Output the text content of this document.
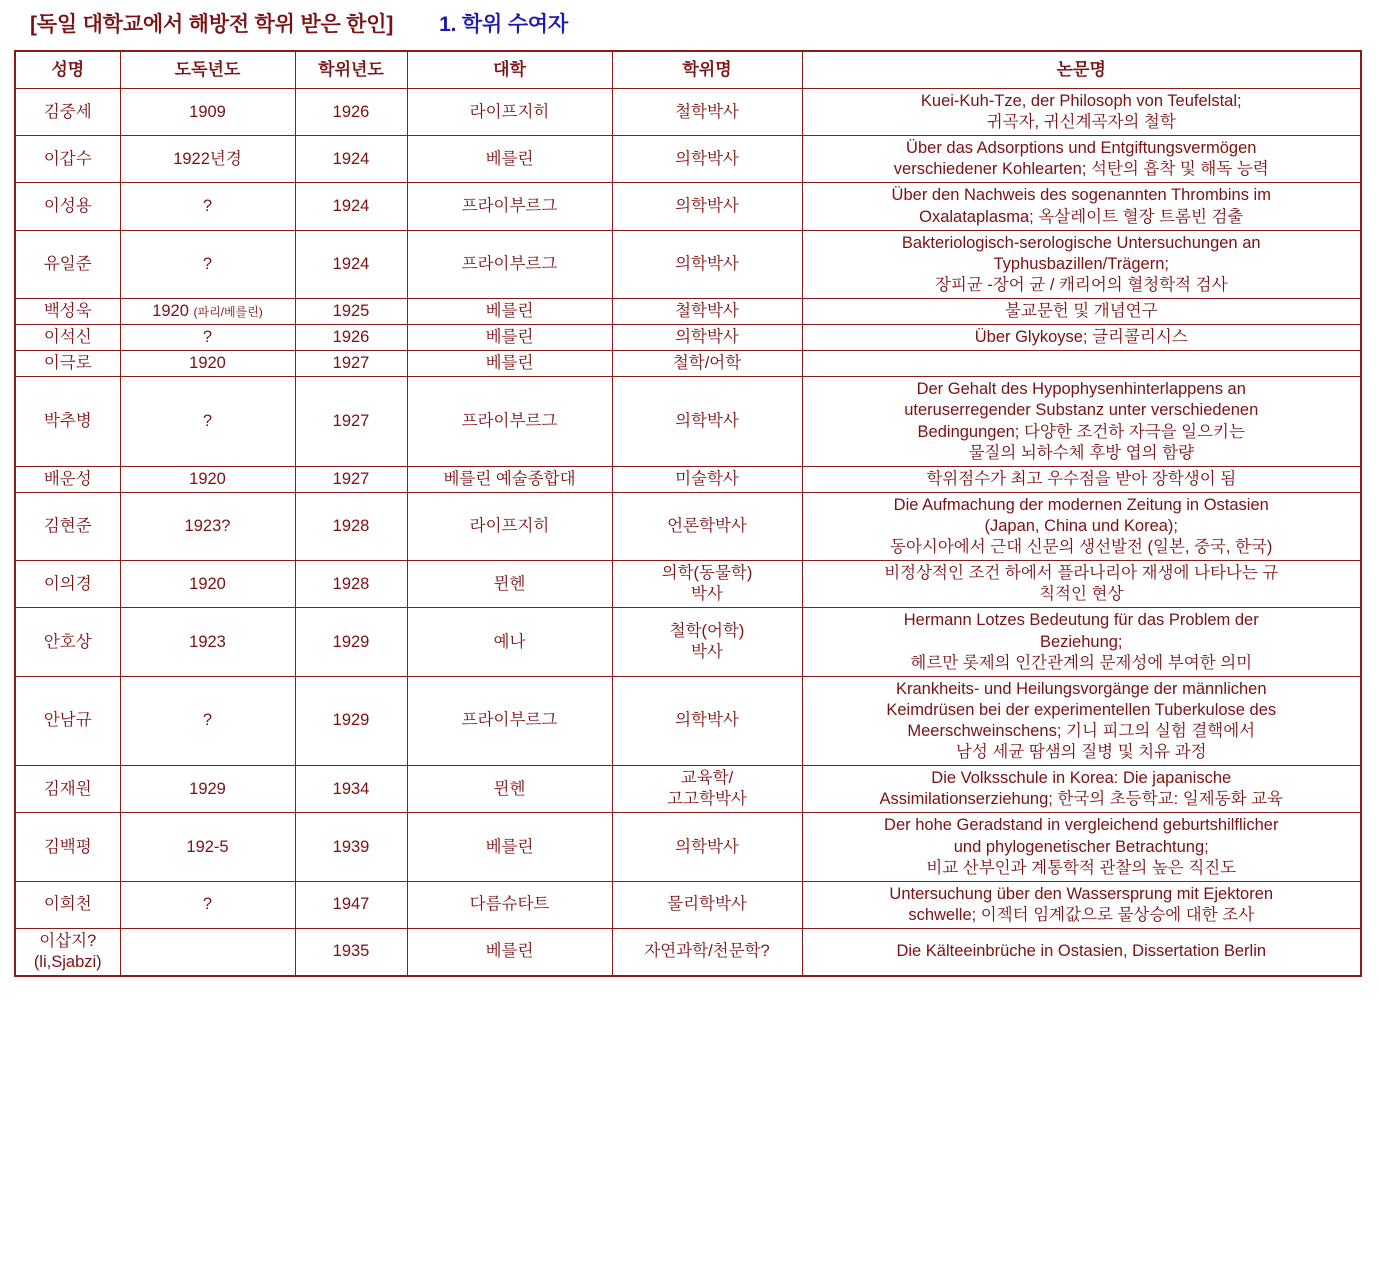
[독일 대학교에서 해방전 학위 받은 한인] 1. 학위 수여자
성명	도독년도	학위년도	대학	학위명	논문명
김중세	1909	1926	라이프지히	철학박사	Kuei-Kuh-Tze, der Philosoph von Teufelstal;
귀곡자, 귀신계곡자의 철학
이갑수	1922년경	1924	베를린	의학박사	Über das Adsorptions und Entgiftungsvermögen
verschiedener Kohlearten; 석탄의 흡착 및 해독 능력
이성용	?	1924	프라이부르그	의학박사	Über den Nachweis des sogenannten Thrombins im
Oxalataplasma; 옥살레이트 혈장 트롬빈 검출
유일준	?	1924	프라이부르그	의학박사	Bakteriologisch-serologische Untersuchungen an
Typhusbazillen/Trägern;
장피균 -장어 균 / 캐리어의 혈청학적 검사
백성욱	1920 (파리/베를린)	1925	베를린	철학박사	불교문헌 및 개념연구
이석신	?	1926	베를린	의학박사	Über Glykoyse; 글리콜리시스
이극로	1920	1927	베를린	철학/어학	
박추병	?	1927	프라이부르그	의학박사	Der Gehalt des Hypophysenhinterlappens an
uteruserregender Substanz unter verschiedenen
Bedingungen; 다양한 조건하 자극을 일으키는
물질의 뇌하수체 후방 엽의 함량
배운성	1920	1927	베를린 예술종합대	미술학사	학위점수가 최고 우수점을 받아 장학생이 됨
김현준	1923?	1928	라이프지히	언론학박사	Die Aufmachung der modernen Zeitung in Ostasien
(Japan, China und Korea);
동아시아에서 근대 신문의 생선발전 (일본, 중국, 한국)
이의경	1920	1928	뮌헨	의학(동물학)
박사	비정상적인 조건 하에서 플라나리아 재생에 나타나는 규
칙적인 현상
안호상	1923	1929	예나	철학(어학)
박사	Hermann Lotzes Bedeutung für das Problem der
Beziehung;
헤르만 롯제의 인간관계의 문제성에 부여한 의미
안남규	?	1929	프라이부르그	의학박사	Krankheits- und Heilungsvorgänge der männlichen
Keimdrüsen bei der experimentellen Tuberkulose des
Meerschweinschens; 기니 피그의 실험 결핵에서
남성 세균 땀샘의 질병 및 치유 과정
김재원	1929	1934	뮌헨	교육학/
고고학박사	Die Volksschule in Korea: Die japanische
Assimilationserziehung; 한국의 초등학교: 일제동화 교육
김백평	192-5	1939	베를린	의학박사	Der hohe Geradstand in vergleichend geburtshilflicher
und phylogenetischer Betrachtung;
비교 산부인과 계통학적 관찰의 높은 직진도
이희천	?	1947	다름슈타트	물리학박사	Untersuchung über den Wassersprung mit Ejektoren
schwelle; 이젝터 임계값으로 물상승에 대한 조사
이삽지? (li,Sjabzi)		1935	베를린	자연과학/천문학?	Die Kälteeinbrüche in Ostasien, Dissertation Berlin
